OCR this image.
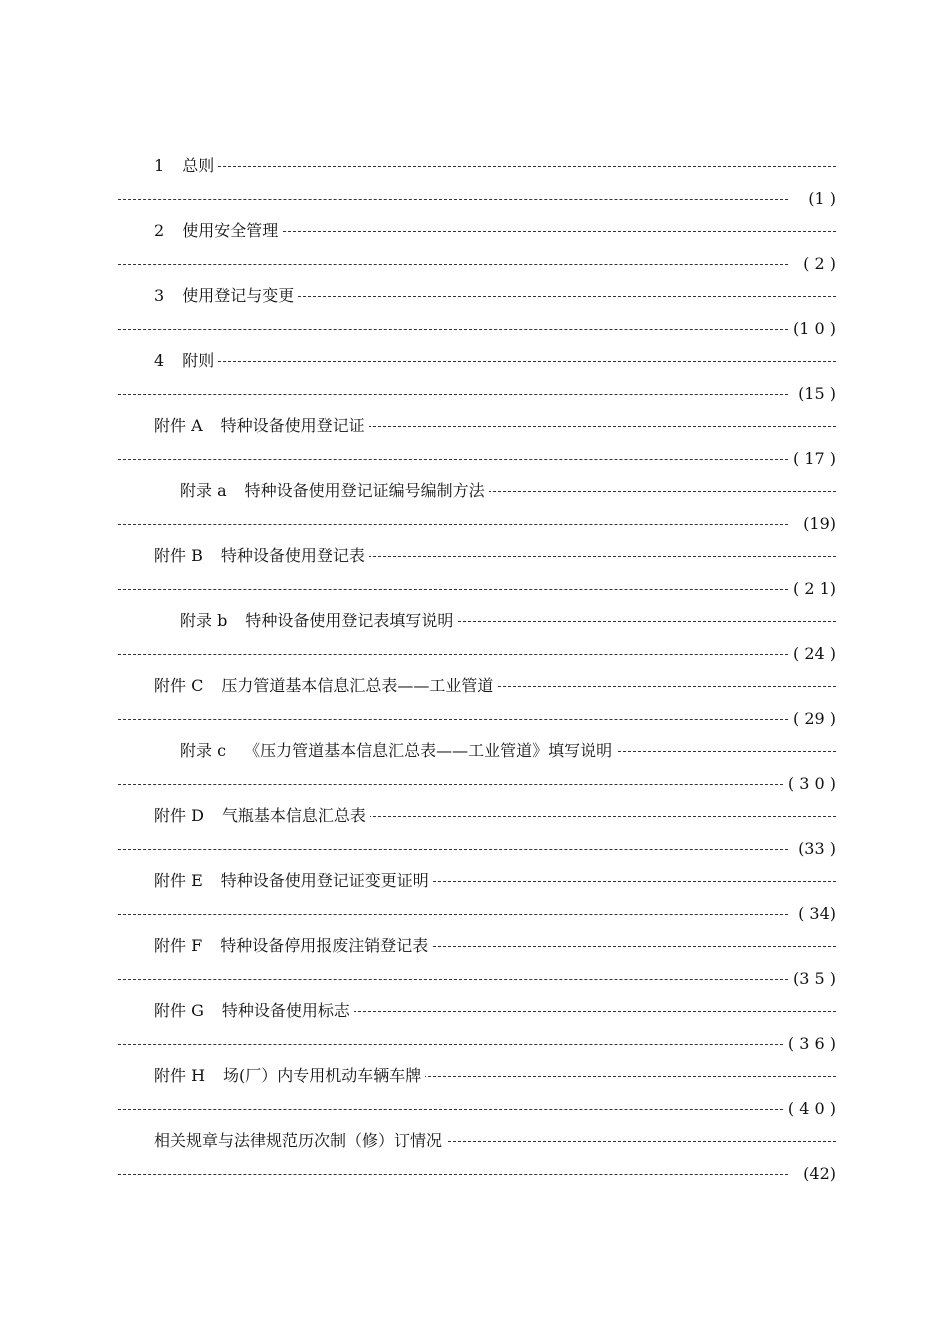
1 总则
(1 )
2 使用安全管理
( 2 )
3 使用登记与变更
(1 0 )
4 附则
(15 )
附件 A 特种设备使用登记证
( 17 )
附录 a 特种设备使用登记证编号编制方法
(19)
附件 B 特种设备使用登记表
( 2 1)
附录 b 特种设备使用登记表填写说明
( 24 )
附件 C 压力管道基本信息汇总表——工业管道
( 29 )
附录 c 《压力管道基本信息汇总表——工业管道》填写说明
( 3 0 )
附件 D 气瓶基本信息汇总表
(33 )
附件 E 特种设备使用登记证变更证明
( 34)
附件 F 特种设备停用报废注销登记表
(3 5 )
附件 G 特种设备使用标志
( 3 6 )
附件 H 场(厂）内专用机动车辆车牌
( 4 0 )
相关规章与法律规范历次制（修）订情况
(42)
